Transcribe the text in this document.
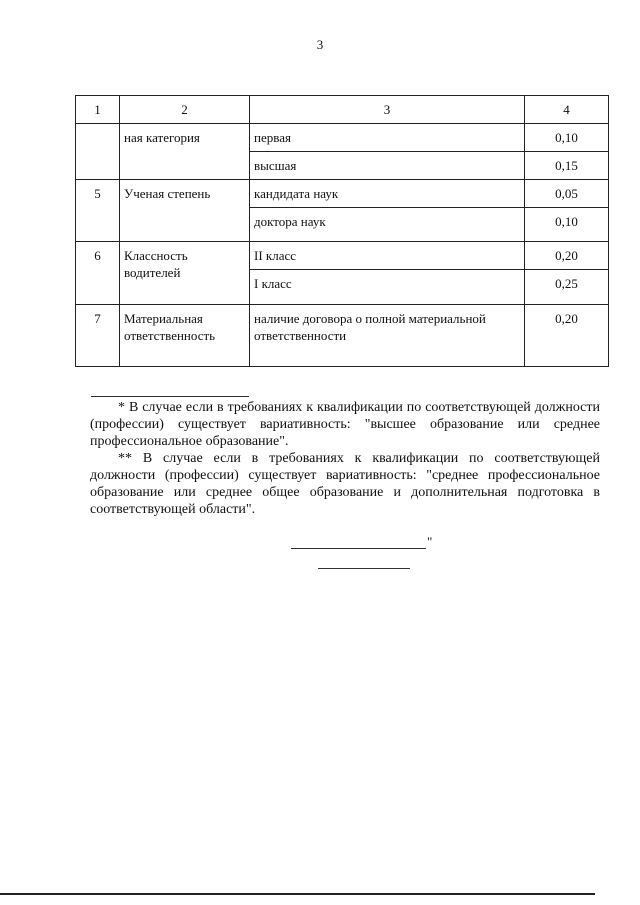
3
1	2	3	4
	ная категория	первая	0,10
		высшая	0,15
5	Ученая степень	кандидата наук	0,05
		доктора наук	0,10
6	Классность водителей	II класс	0,20
		I класс	0,25
7	Материальная ответственность	наличие договора о полной материальной ответственности	0,20

* В случае если в требованиях к квалификации по соответствующей должности (профессии) существует вариативность: "высшее образование или среднее профессиональное образование".

** В случае если в требованиях к квалификации по соответствующей должности (профессии) существует вариативность: "среднее профессиональное образование или среднее общее образование и дополнительная подготовка в соответствующей области".

"
